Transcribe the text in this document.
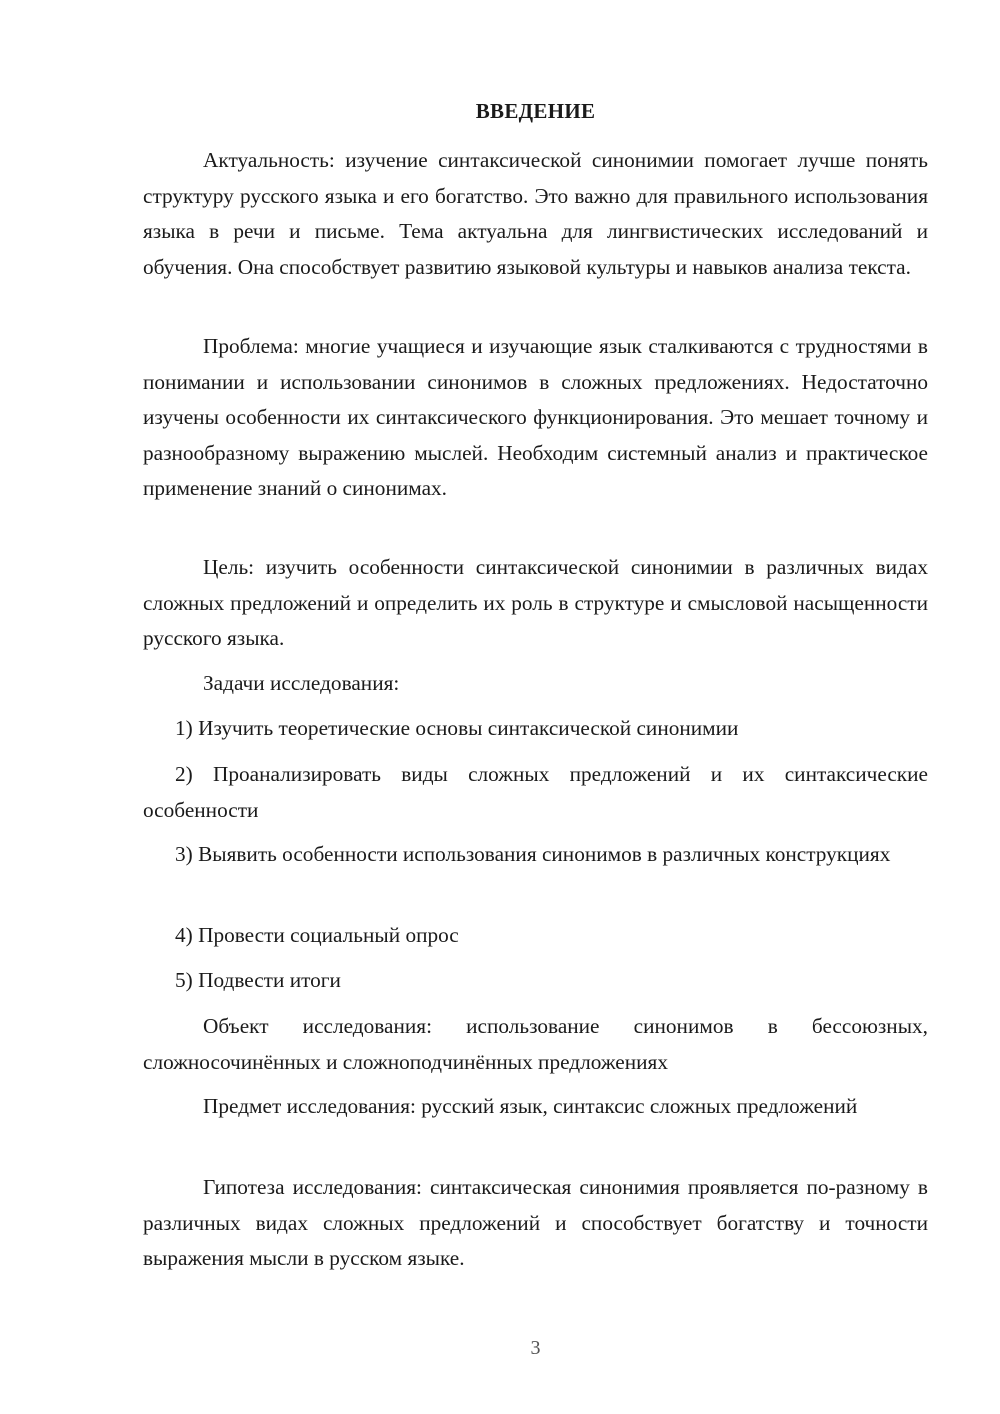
ВВЕДЕНИЕ

Актуальность: изучение синтаксической синонимии помогает лучше понять структуру русского языка и его богатство. Это важно для правильного использования языка в речи и письме. Тема актуальна для лингвистических исследований и обучения. Она способствует развитию языковой культуры и навыков анализа текста.

Проблема: многие учащиеся и изучающие язык сталкиваются с трудностями в понимании и использовании синонимов в сложных предложениях. Недостаточно изучены особенности их синтаксического функционирования. Это мешает точному и разнообразному выражению мыслей. Необходим системный анализ и практическое применение знаний о синонимах.

Цель: изучить особенности синтаксической синонимии в различных видах сложных предложений и определить их роль в структуре и смысловой насыщенности русского языка.

Задачи исследования:

1) Изучить теоретические основы синтаксической синонимии

2) Проанализировать виды сложных предложений и их синтаксические особенности

3) Выявить особенности использования синонимов в различных конструкциях

4) Провести социальный опрос

5) Подвести итоги

Объект исследования: использование синонимов в бессоюзных, сложносочинённых и сложноподчинённых предложениях

Предмет исследования: русский язык, синтаксис сложных предложений

Гипотеза исследования: синтаксическая синонимия проявляется по-разному в различных видах сложных предложений и способствует богатству и точности выражения мысли в русском языке.

3
